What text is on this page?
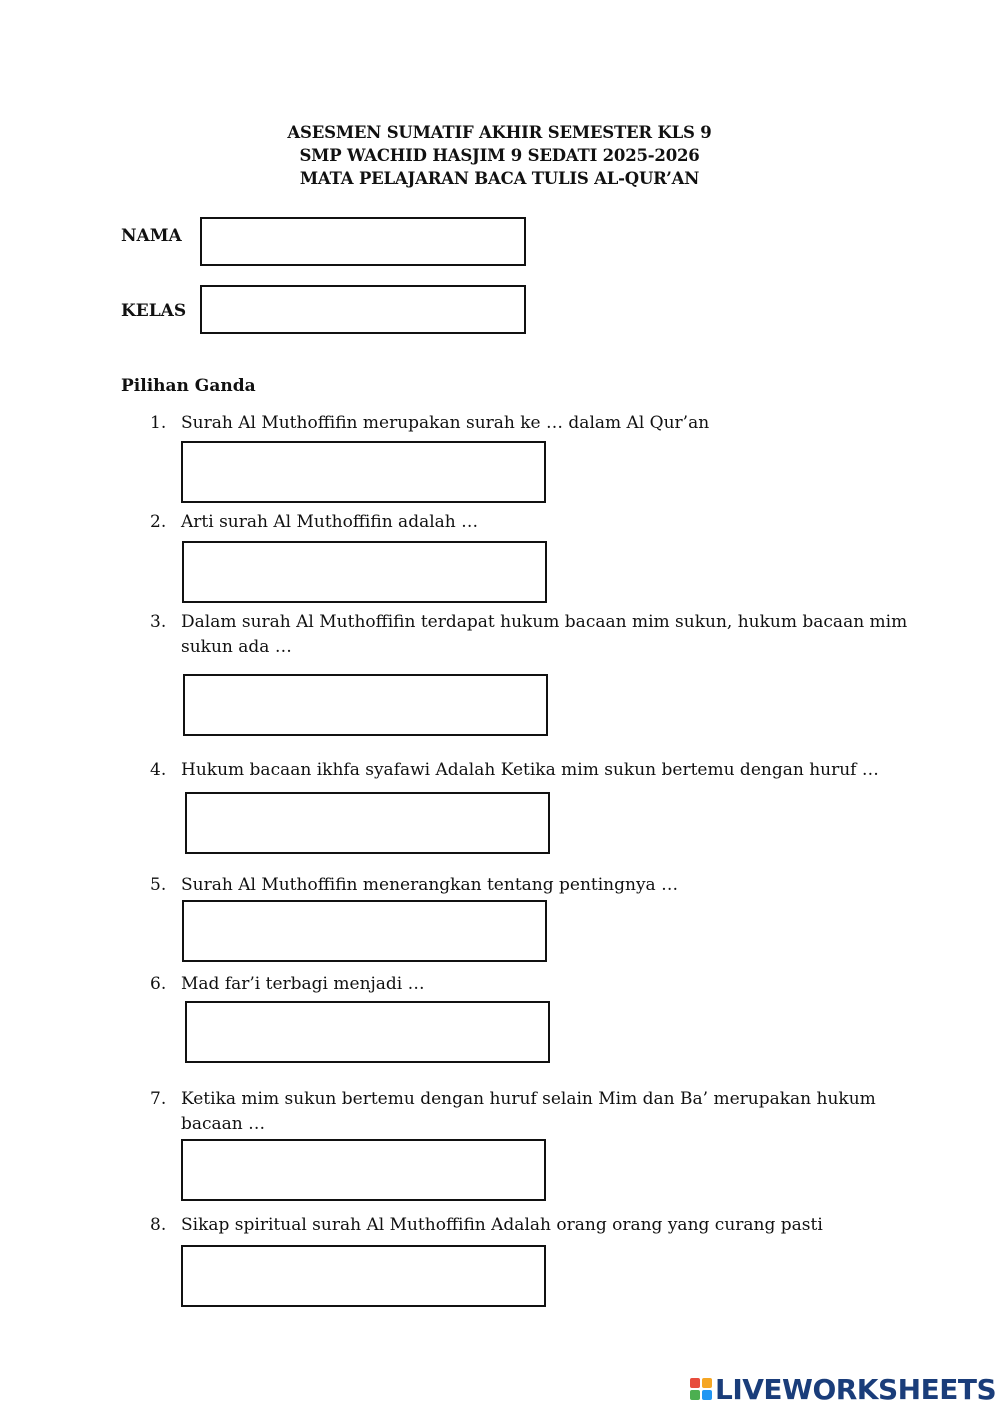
ASESMEN SUMATIF AKHIR SEMESTER KLS 9
SMP WACHID HASJIM 9 SEDATI 2025-2026
MATA PELAJARAN BACA TULIS AL-QUR’AN
NAMA
KELAS
Pilihan Ganda
1. Surah Al Muthoffifin merupakan surah ke … dalam Al Qur’an
2. Arti surah Al Muthoffifin adalah …
3. Dalam surah Al Muthoffifin terdapat hukum bacaan mim sukun, hukum bacaan mim
sukun ada …
4. Hukum bacaan ikhfa syafawi Adalah Ketika mim sukun bertemu dengan huruf …
5. Surah Al Muthoffifin menerangkan tentang pentingnya …
6. Mad far’i terbagi menjadi …
7. Ketika mim sukun bertemu dengan huruf selain Mim dan Ba’ merupakan hukum
bacaan …
8. Sikap spiritual surah Al Muthoffifin Adalah orang orang yang curang pasti
LIVEWORKSHEETS
